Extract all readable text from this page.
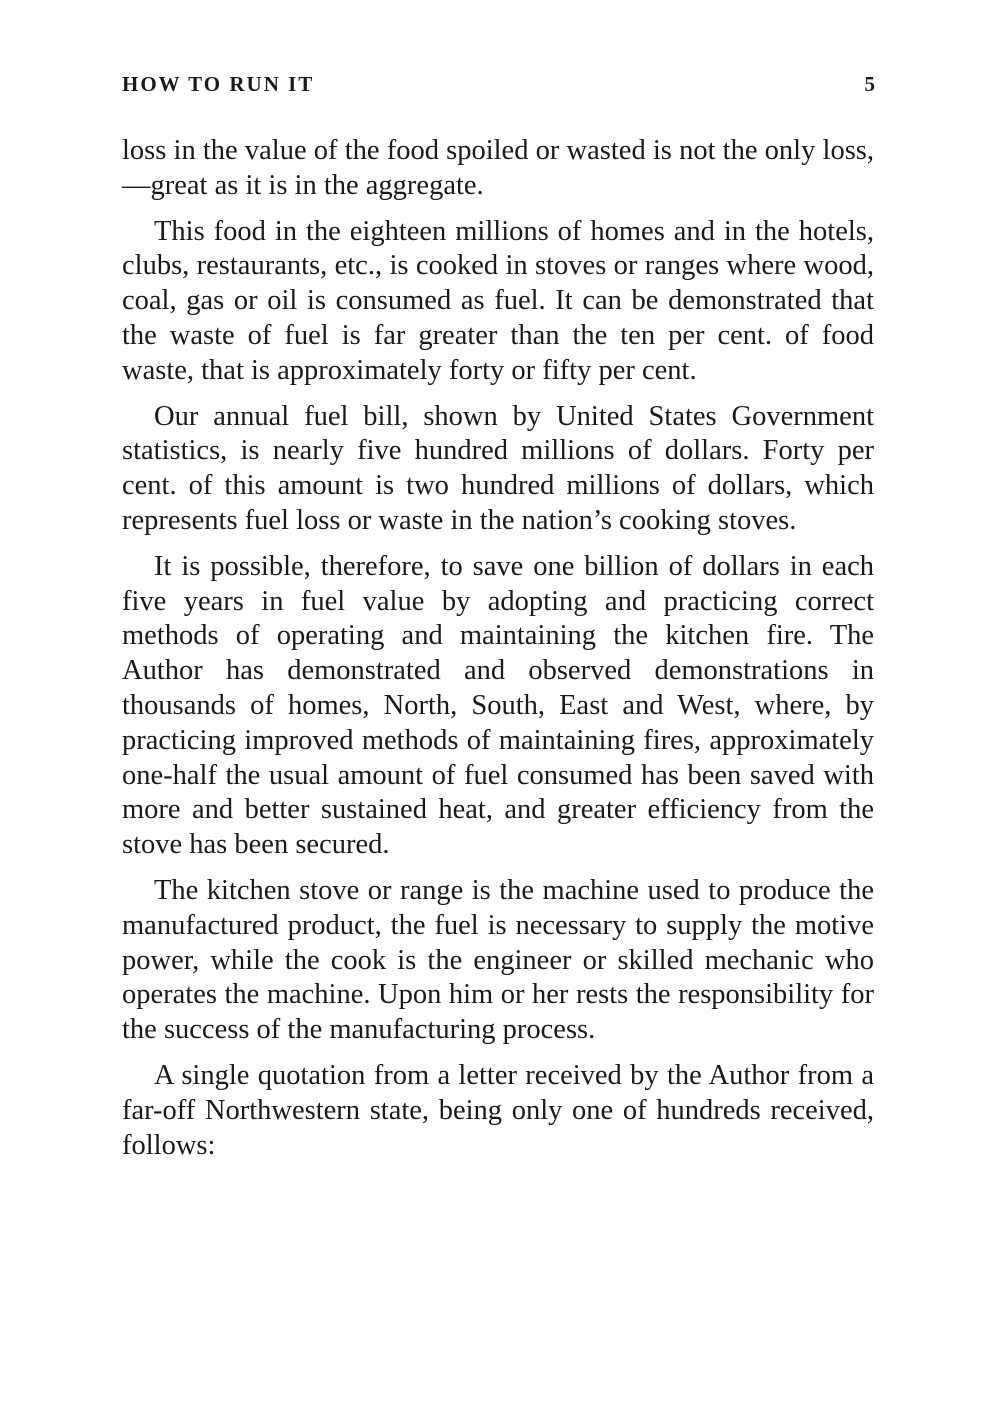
HOW TO RUN IT	5

loss in the value of the food spoiled or wasted is not the only loss,—great as it is in the aggregate.

This food in the eighteen millions of homes and in the hotels, clubs, restaurants, etc., is cooked in stoves or ranges where wood, coal, gas or oil is consumed as fuel. It can be demonstrated that the waste of fuel is far greater than the ten per cent. of food waste, that is approximately forty or fifty per cent.

Our annual fuel bill, shown by United States Government statistics, is nearly five hundred millions of dollars. Forty per cent. of this amount is two hundred millions of dollars, which represents fuel loss or waste in the nation’s cooking stoves.

It is possible, therefore, to save one billion of dollars in each five years in fuel value by adopting and practicing correct methods of operating and maintaining the kitchen fire. The Author has demonstrated and observed demonstrations in thousands of homes, North, South, East and West, where, by practicing improved methods of maintaining fires, approximately one-half the usual amount of fuel consumed has been saved with more and better sustained heat, and greater efficiency from the stove has been secured.

The kitchen stove or range is the machine used to produce the manufactured product, the fuel is necessary to supply the motive power, while the cook is the engineer or skilled mechanic who operates the machine. Upon him or her rests the responsibility for the success of the manufacturing process.

A single quotation from a letter received by the Author from a far-off Northwestern state, being only one of hundreds received, follows:
